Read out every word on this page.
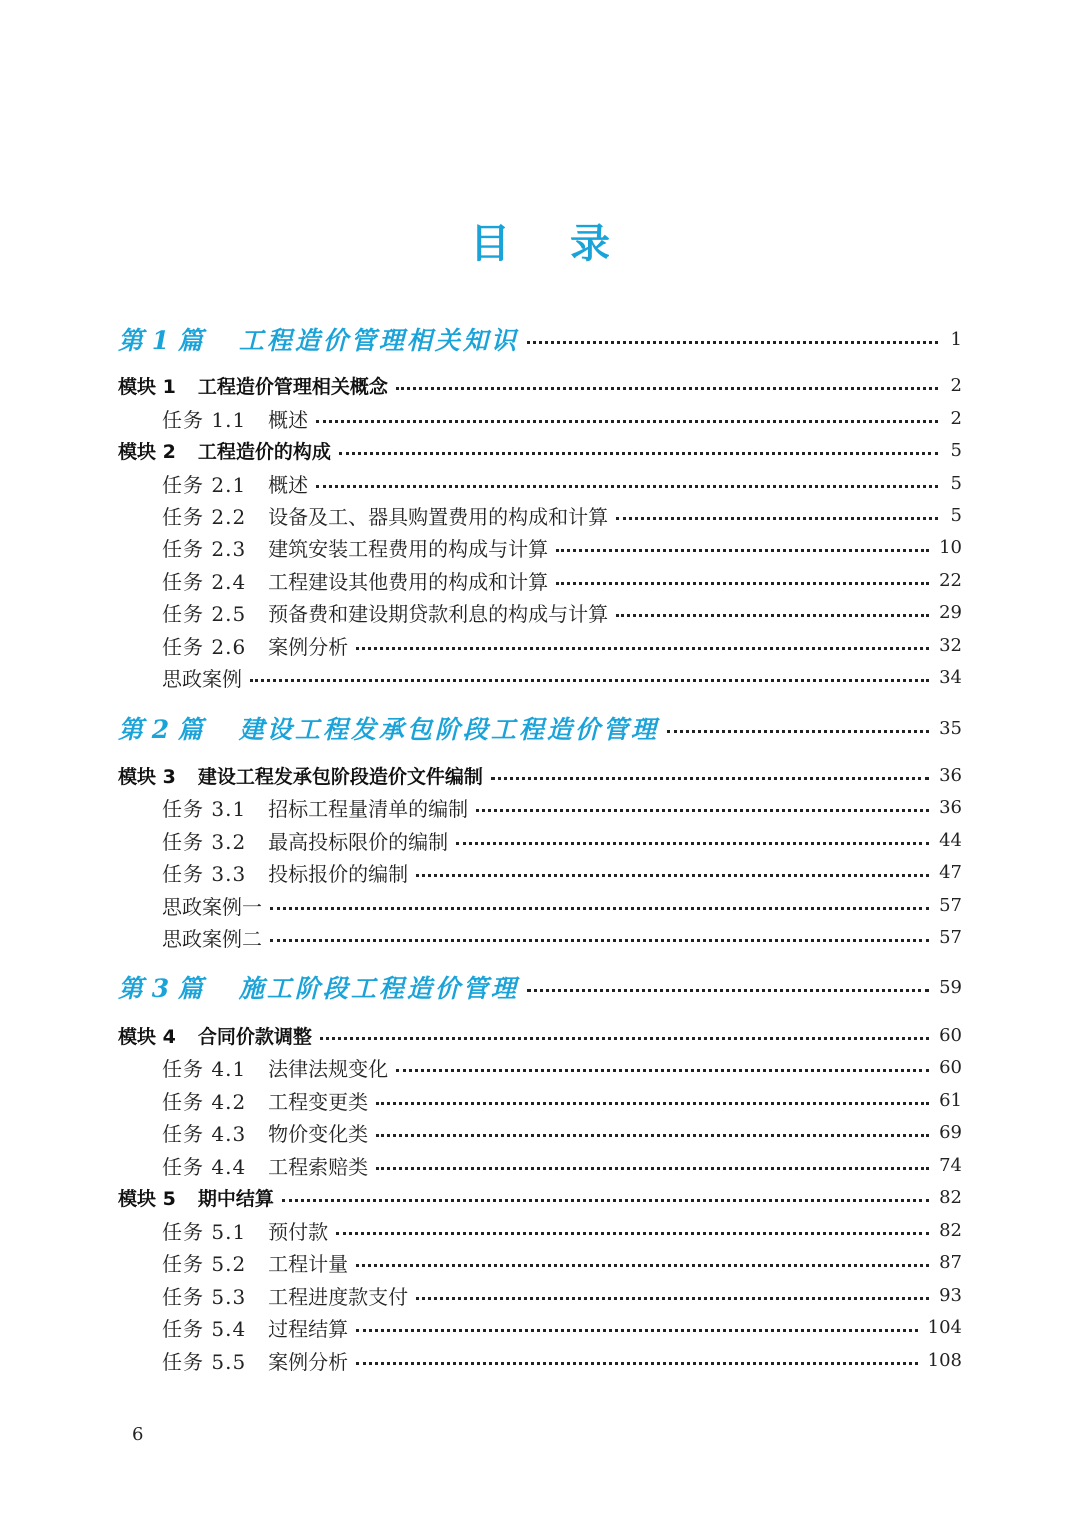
目 录
第 1 篇 工程造价管理相关知识	1
模块 1 工程造价管理相关概念	2
任务 1.1 概述	2
模块 2 工程造价的构成	5
任务 2.1 概述	5
任务 2.2 设备及工、器具购置费用的构成和计算	5
任务 2.3 建筑安装工程费用的构成与计算	10
任务 2.4 工程建设其他费用的构成和计算	22
任务 2.5 预备费和建设期贷款利息的构成与计算	29
任务 2.6 案例分析	32
思政案例	34
第 2 篇 建设工程发承包阶段工程造价管理	35
模块 3 建设工程发承包阶段造价文件编制	36
任务 3.1 招标工程量清单的编制	36
任务 3.2 最高投标限价的编制	44
任务 3.3 投标报价的编制	47
思政案例一	57
思政案例二	57
第 3 篇 施工阶段工程造价管理	59
模块 4 合同价款调整	60
任务 4.1 法律法规变化	60
任务 4.2 工程变更类	61
任务 4.3 物价变化类	69
任务 4.4 工程索赔类	74
模块 5 期中结算	82
任务 5.1 预付款	82
任务 5.2 工程计量	87
任务 5.3 工程进度款支付	93
任务 5.4 过程结算	104
任务 5.5 案例分析	108
6
